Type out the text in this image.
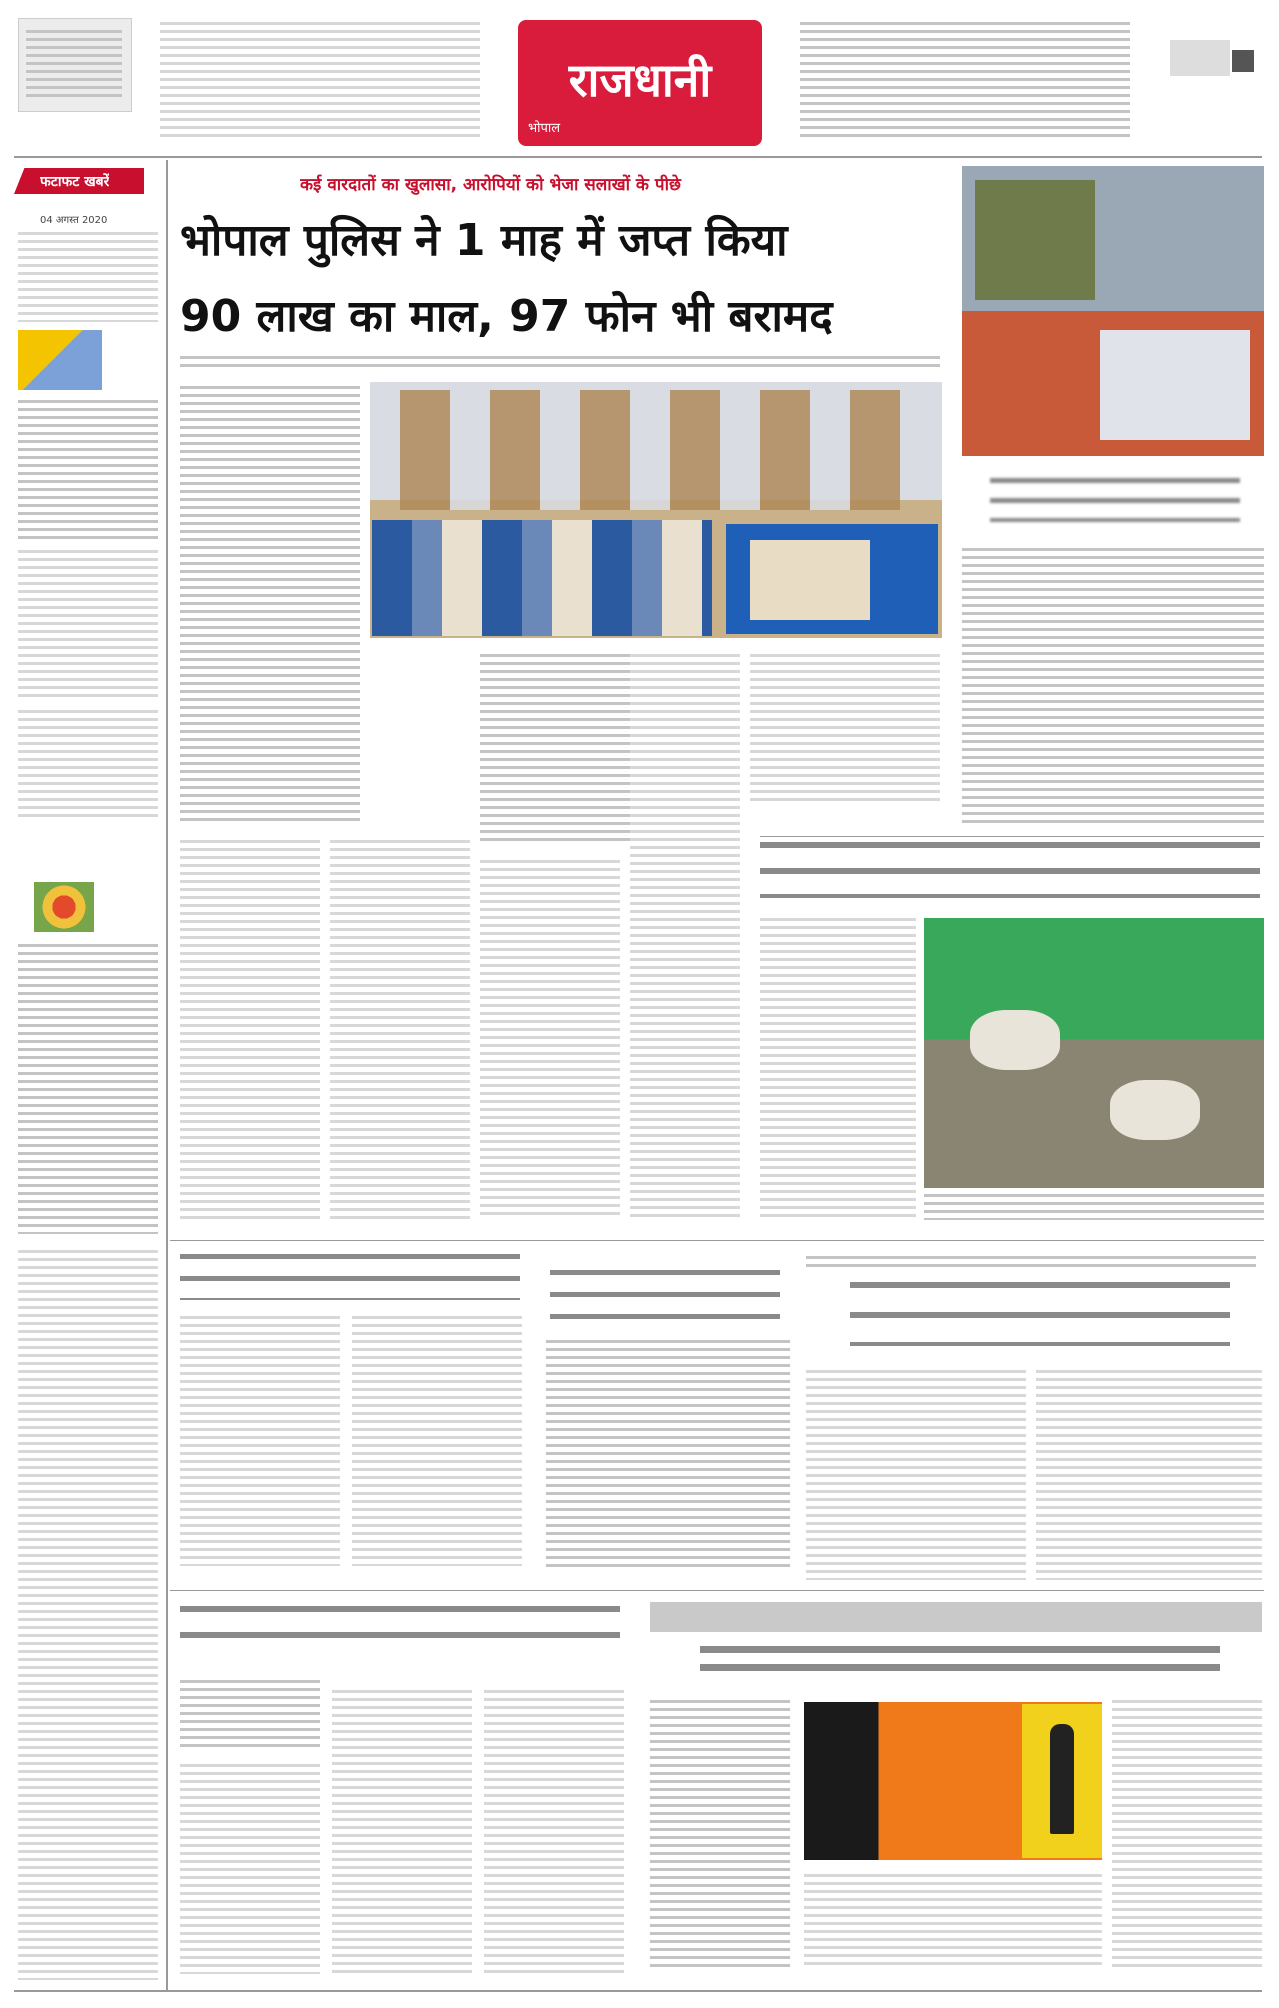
राजधानी
भोपाल
फटाफट खबरें
04 अगस्त 2020
कई वारदातों का खुलासा, आरोपियों को भेजा सलाखों के पीछे
भोपाल पुलिस ने 1 माह में जप्त किया
90 लाख का माल, 97 फोन भी बरामद
